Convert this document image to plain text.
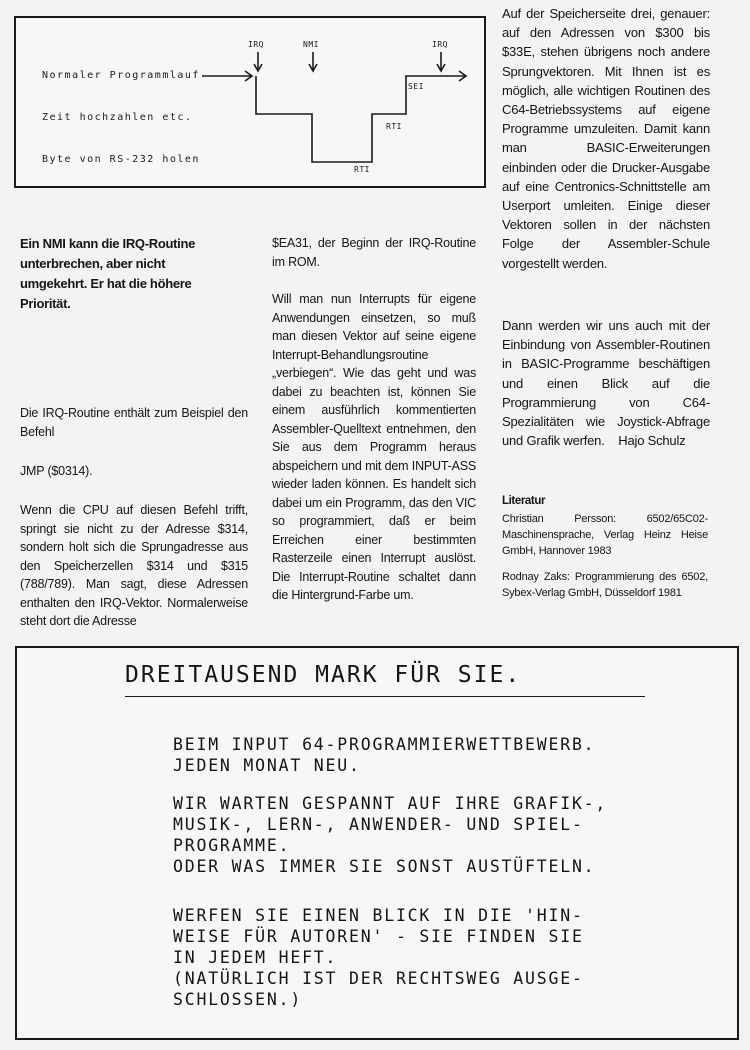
IRQ	NMI	IRQ
SEI
RTI
RTI
Normaler Programmlauf
Zeit hochzahlen etc.
Byte von RS-232 holen
Ein NMI kann die IRQ-Routine unterbrechen, aber nicht umgekehrt. Er hat die höhere Priorität.

Die IRQ-Routine enthält zum Beispiel den Befehl

JMP ($0314).

Wenn die CPU auf diesen Befehl trifft, springt sie nicht zu der Adresse $314, sondern holt sich die Sprungadresse aus den Speicherzellen $314 und $315 (788/789). Man sagt, diese Adressen enthalten den IRQ-Vektor. Normalerweise steht dort die Adresse

$EA31, der Beginn der IRQ-Routine im ROM.

Will man nun Interrupts für eigene Anwendungen einsetzen, so muß man diesen Vektor auf seine eigene Interrupt-Behandlungsroutine „verbiegen“. Wie das geht und was dabei zu beachten ist, können Sie einem ausführlich kommentierten Assembler-Quelltext entnehmen, den Sie aus dem Programm heraus abspeichern und mit dem INPUT-ASS wieder laden können. Es handelt sich dabei um ein Programm, das den VIC so programmiert, daß er beim Erreichen einer bestimmten Rasterzeile einen Interrupt auslöst. Die Interrupt-Routine schaltet dann die Hintergrund-Farbe um.

Auf der Speicherseite drei, genauer: auf den Adressen von $300 bis $33E, stehen übrigens noch andere Sprungvektoren. Mit Ihnen ist es möglich, alle wichtigen Routinen des C64-Betriebssystems auf eigene Programme umzuleiten. Damit kann man BASIC-Erweiterungen einbinden oder die Drucker-Ausgabe auf eine Centronics-Schnittstelle am Userport umleiten. Einige dieser Vektoren sollen in der nächsten Folge der Assembler-Schule vorgestellt werden.

Dann werden wir uns auch mit der Einbindung von Assembler-Routinen in BASIC-Programme beschäftigen und einen Blick auf die Programmierung von C64-Spezialitäten wie Joystick-Abfrage und Grafik werfen. Hajo Schulz

Literatur

Christian Persson: 6502/65C02-Maschinensprache, Verlag Heinz Heise GmbH, Hannover 1983

Rodnay Zaks: Programmierung des 6502, Sybex-Verlag GmbH, Düsseldorf 1981

DREITAUSEND MARK FÜR SIE.
BEIM INPUT 64-PROGRAMMIERWETTBEWERB.
JEDEN MONAT NEU.
WIR WARTEN GESPANNT AUF IHRE GRAFIK-,
MUSIK-, LERN-, ANWENDER- UND SPIEL-
PROGRAMME.
ODER WAS IMMER SIE SONST AUSTÜFTELN.
WERFEN SIE EINEN BLICK IN DIE 'HIN-
WEISE FÜR AUTOREN' - SIE FINDEN SIE
IN JEDEM HEFT.
(NATÜRLICH IST DER RECHTSWEG AUSGE-
SCHLOSSEN.)
